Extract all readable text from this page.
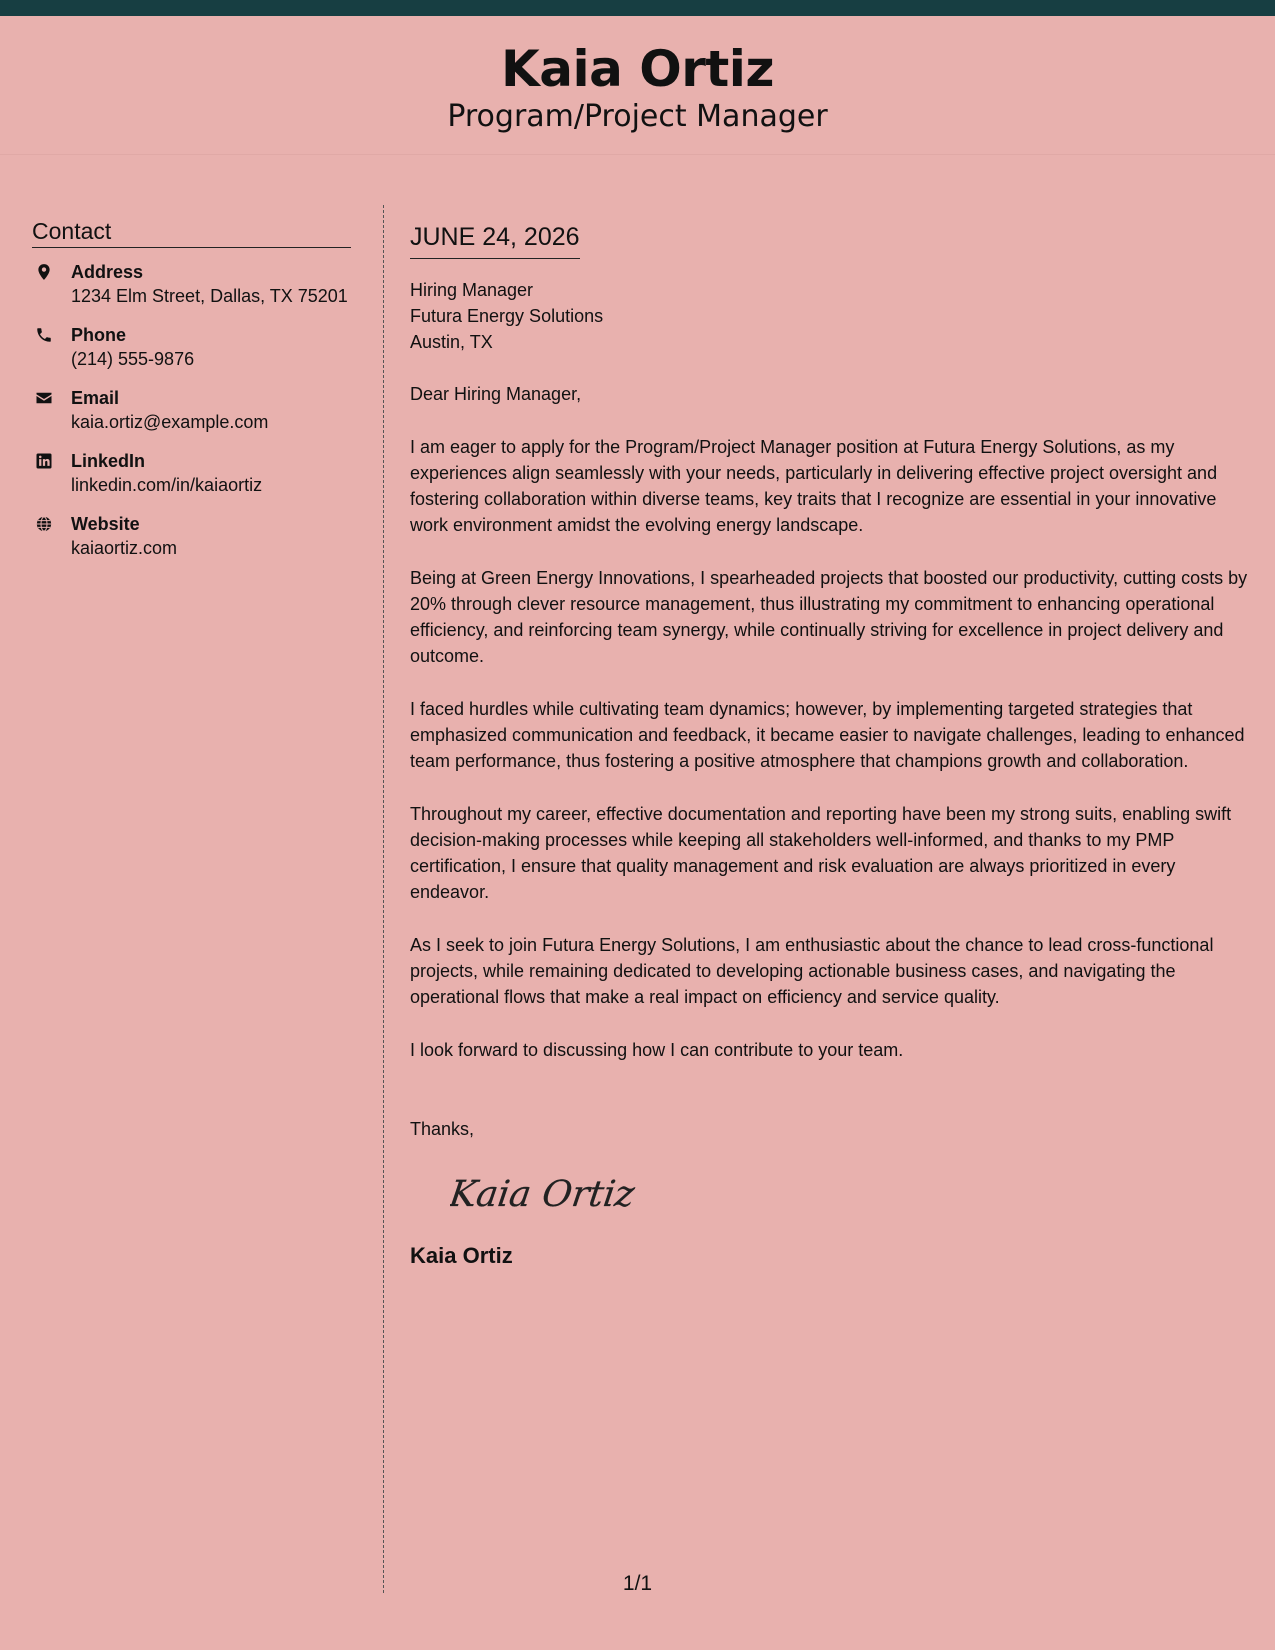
Kaia Ortiz
Program/Project Manager
Contact
Address
1234 Elm Street, Dallas, TX 75201
Phone
(214) 555-9876
Email
kaia.ortiz@example.com
LinkedIn
linkedin.com/in/kaiaortiz
Website
kaiaortiz.com
JUNE 24, 2026
Hiring Manager
Futura Energy Solutions
Austin, TX
Dear Hiring Manager,
I am eager to apply for the Program/Project Manager position at Futura Energy Solutions, as my experiences align seamlessly with your needs, particularly in delivering effective project oversight and fostering collaboration within diverse teams, key traits that I recognize are essential in your innovative work environment amidst the evolving energy landscape.
Being at Green Energy Innovations, I spearheaded projects that boosted our productivity, cutting costs by 20% through clever resource management, thus illustrating my commitment to enhancing operational efficiency, and reinforcing team synergy, while continually striving for excellence in project delivery and outcome.
I faced hurdles while cultivating team dynamics; however, by implementing targeted strategies that emphasized communication and feedback, it became easier to navigate challenges, leading to enhanced team performance, thus fostering a positive atmosphere that champions growth and collaboration.
Throughout my career, effective documentation and reporting have been my strong suits, enabling swift decision-making processes while keeping all stakeholders well-informed, and thanks to my PMP certification, I ensure that quality management and risk evaluation are always prioritized in every endeavor.
As I seek to join Futura Energy Solutions, I am enthusiastic about the chance to lead cross-functional projects, while remaining dedicated to developing actionable business cases, and navigating the operational flows that make a real impact on efficiency and service quality.
I look forward to discussing how I can contribute to your team.
Thanks,
Kaia Ortiz
Kaia Ortiz
1/1
